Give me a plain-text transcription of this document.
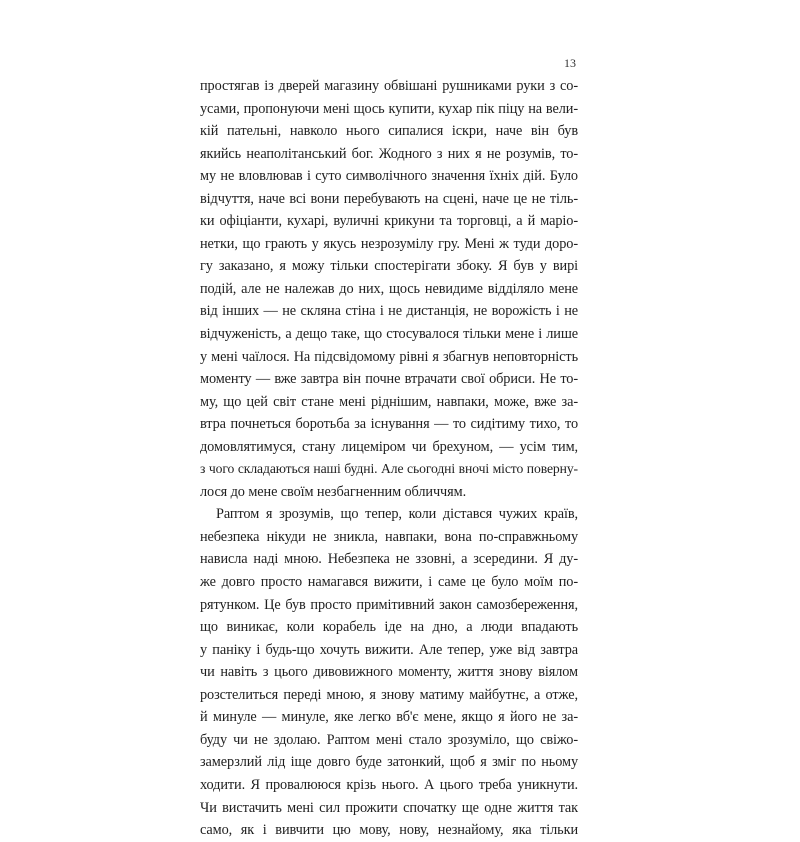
13
простягав із дверей магазину обвішані рушниками руки з со-
усами, пропонуючи мені щось купити, кухар пік піцу на вели-
кій пательні, навколо нього сипалися іскри, наче він був
якийсь неаполітанський бог. Жодного з них я не розумів, то-
му не вловлював і суто символічного значення їхніх дій. Було
відчуття, наче всі вони перебувають на сцені, наче це не тіль-
ки офіціанти, кухарі, вуличні крикуни та торговці, а й маріо-
нетки, що грають у якусь незрозумілу гру. Мені ж туди доро-
гу заказано, я можу тільки спостерігати збоку. Я був у вирі
подій, але не належав до них, щось невидиме відділяло мене
від інших — не скляна стіна і не дистанція, не ворожість і не
відчуженість, а дещо таке, що стосувалося тільки мене і лише
у мені чаїлося. На підсвідомому рівні я збагнув неповторність
моменту — вже завтра він почне втрачати свої обриси. Не то-
му, що цей світ стане мені ріднішим, навпаки, може, вже за-
втра почнеться боротьба за існування — то сидітиму тихо, то
домовлятимуся, стану лицеміром чи брехуном, — усім тим,
з чого складаються наші будні. Але сьогодні вночі місто поверну-
лося до мене своїм незбагненним обличчям.
Раптом я зрозумів, що тепер, коли дістався чужих країв,
небезпека нікуди не зникла, навпаки, вона по-справжньому
нависла наді мною. Небезпека не ззовні, а зсередини. Я ду-
же довго просто намагався вижити, і саме це було моїм по-
рятунком. Це був просто примітивний закон самозбереження,
що виникає, коли корабель іде на дно, а люди впадають
у паніку і будь-що хочуть вижити. Але тепер, уже від завтра
чи навіть з цього дивовижного моменту, життя знову віялом
розстелиться переді мною, я знову матиму майбутнє, а отже,
й минуле — минуле, яке легко вб'є мене, якщо я його не за-
буду чи не здолаю. Раптом мені стало зрозуміло, що свіжо-
замерзлий лід іще довго буде затонкий, щоб я зміг по ньому
ходити. Я провалююся крізь нього. А цього треба уникнути.
Чи вистачить мені сил прожити спочатку ще одне життя так
само, як і вивчити цю мову, нову, незнайому, яка тільки
